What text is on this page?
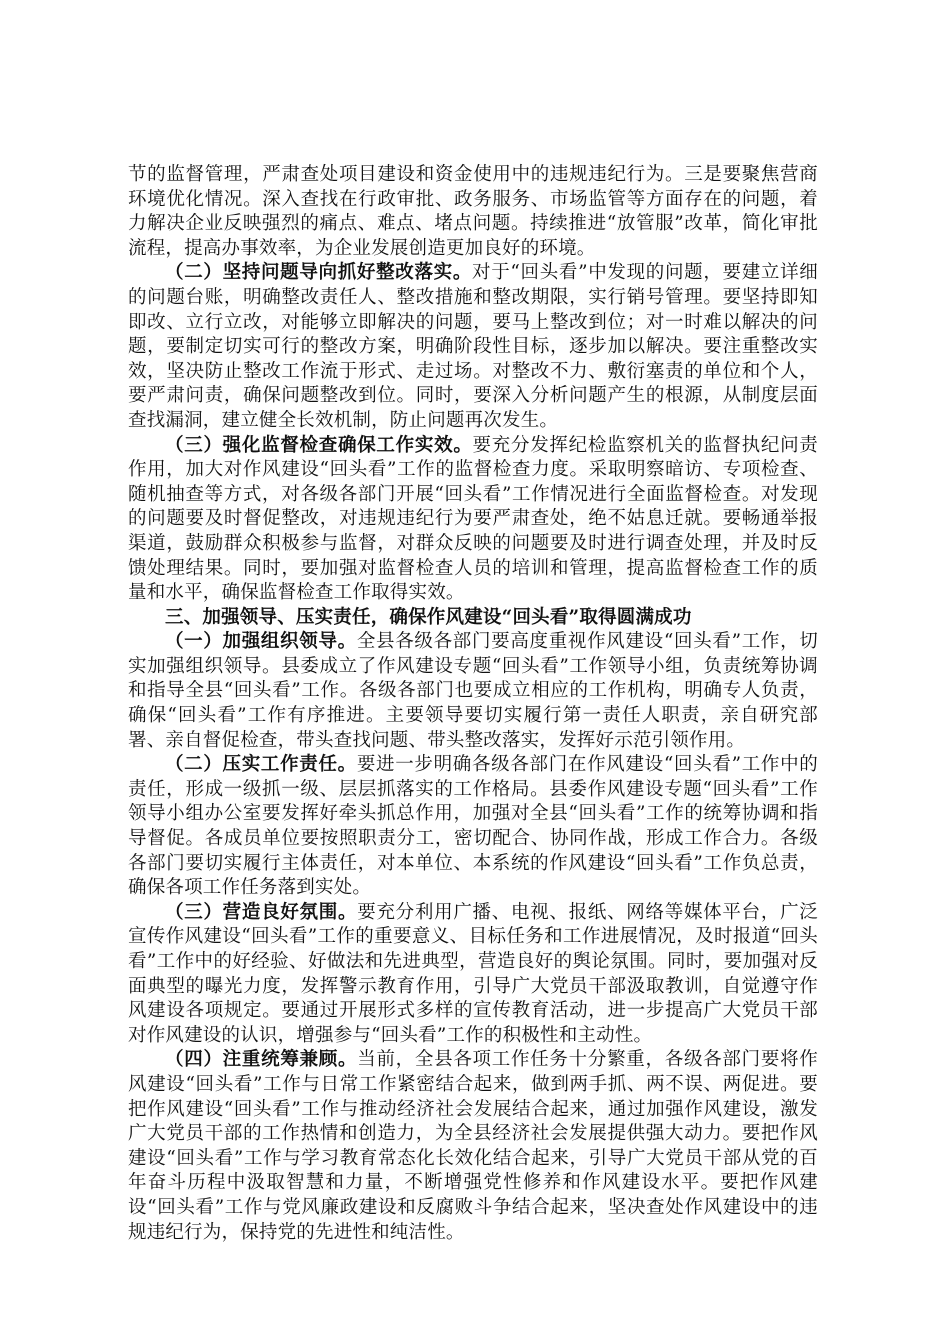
节的监督管理，严肃查处项目建设和资金使用中的违规违纪行为。三是要聚焦营商环境优化情况。深入查找在行政审批、政务服务、市场监管等方面存在的问题，着力解决企业反映强烈的痛点、难点、堵点问题。持续推进“放管服”改革，简化审批流程，提高办事效率，为企业发展创造更加良好的环境。

（二）坚持问题导向抓好整改落实。对于“回头看”中发现的问题，要建立详细的问题台账，明确整改责任人、整改措施和整改期限，实行销号管理。要坚持即知即改、立行立改，对能够立即解决的问题，要马上整改到位；对一时难以解决的问题，要制定切实可行的整改方案，明确阶段性目标，逐步加以解决。要注重整改实效，坚决防止整改工作流于形式、走过场。对整改不力、敷衍塞责的单位和个人，要严肃问责，确保问题整改到位。同时，要深入分析问题产生的根源，从制度层面查找漏洞，建立健全长效机制，防止问题再次发生。

（三）强化监督检查确保工作实效。要充分发挥纪检监察机关的监督执纪问责作用，加大对作风建设“回头看”工作的监督检查力度。采取明察暗访、专项检查、随机抽查等方式，对各级各部门开展“回头看”工作情况进行全面监督检查。对发现的问题要及时督促整改，对违规违纪行为要严肃查处，绝不姑息迁就。要畅通举报渠道，鼓励群众积极参与监督，对群众反映的问题要及时进行调查处理，并及时反馈处理结果。同时，要加强对监督检查人员的培训和管理，提高监督检查工作的质量和水平，确保监督检查工作取得实效。

三、加强领导、压实责任，确保作风建设“回头看”取得圆满成功

（一）加强组织领导。全县各级各部门要高度重视作风建设“回头看”工作，切实加强组织领导。县委成立了作风建设专题“回头看”工作领导小组，负责统筹协调和指导全县“回头看”工作。各级各部门也要成立相应的工作机构，明确专人负责，确保“回头看”工作有序推进。主要领导要切实履行第一责任人职责，亲自研究部署、亲自督促检查，带头查找问题、带头整改落实，发挥好示范引领作用。

（二）压实工作责任。要进一步明确各级各部门在作风建设“回头看”工作中的责任，形成一级抓一级、层层抓落实的工作格局。县委作风建设专题“回头看”工作领导小组办公室要发挥好牵头抓总作用，加强对全县“回头看”工作的统筹协调和指导督促。各成员单位要按照职责分工，密切配合、协同作战，形成工作合力。各级各部门要切实履行主体责任，对本单位、本系统的作风建设“回头看”工作负总责，确保各项工作任务落到实处。

（三）营造良好氛围。要充分利用广播、电视、报纸、网络等媒体平台，广泛宣传作风建设“回头看”工作的重要意义、目标任务和工作进展情况，及时报道“回头看”工作中的好经验、好做法和先进典型，营造良好的舆论氛围。同时，要加强对反面典型的曝光力度，发挥警示教育作用，引导广大党员干部汲取教训，自觉遵守作风建设各项规定。要通过开展形式多样的宣传教育活动，进一步提高广大党员干部对作风建设的认识，增强参与“回头看”工作的积极性和主动性。

（四）注重统筹兼顾。当前，全县各项工作任务十分繁重，各级各部门要将作风建设“回头看”工作与日常工作紧密结合起来，做到两手抓、两不误、两促进。要把作风建设“回头看”工作与推动经济社会发展结合起来，通过加强作风建设，激发广大党员干部的工作热情和创造力，为全县经济社会发展提供强大动力。要把作风建设“回头看”工作与学习教育常态化长效化结合起来，引导广大党员干部从党的百年奋斗历程中汲取智慧和力量，不断增强党性修养和作风建设水平。要把作风建设“回头看”工作与党风廉政建设和反腐败斗争结合起来，坚决查处作风建设中的违规违纪行为，保持党的先进性和纯洁性。
